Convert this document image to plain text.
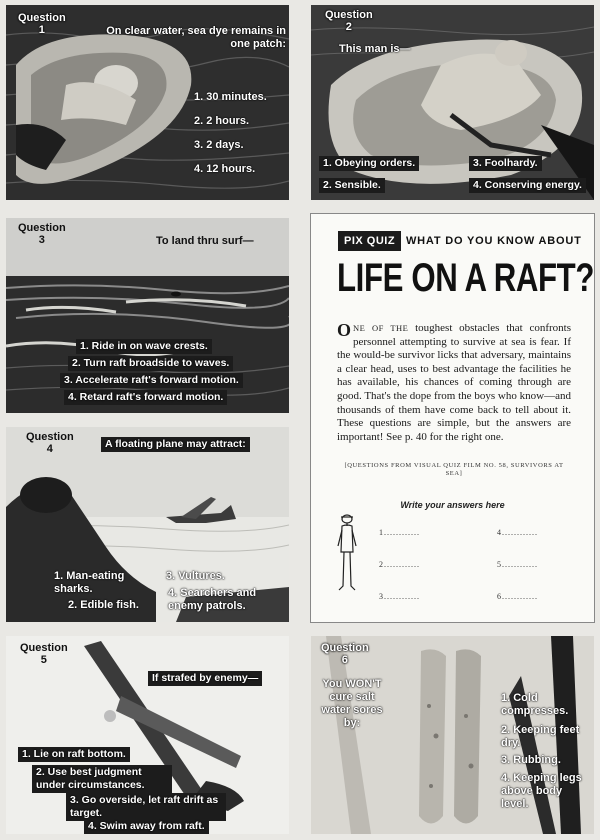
Question
1	On clear water, sea dye remains in one patch:
1. 30 minutes.
2. 2 hours.
3. 2 days.
4. 12 hours.
Question
2
This man is—
1. Obeying orders.
2. Sensible.
3. Foolhardy.
4. Conserving energy.
Question
3	To land thru surf—
1. Ride in on wave crests.
2. Turn raft broadside to waves.
3. Accelerate raft's forward motion.
4. Retard raft's forward motion.
Question
4	A floating plane may attract:
1. Man-eating sharks.
2. Edible fish.
3. Vultures.
4. Searchers and enemy patrols.
Question
5
If strafed by enemy—
1. Lie on raft bottom.
2. Use best judgment under circumstances.
3. Go overside, let raft drift as target.
4. Swim away from raft.
Question
6
You WON'T cure salt water sores by:
1. Cold compresses.
2. Keeping feet dry.
3. Rubbing.
4. Keeping legs above body level.
PIX QUIZ WHAT DO YOU KNOW ABOUT
LIFE ON A RAFT?
ONE OF THE toughest obstacles that confronts personnel attempting to survive at sea is fear. If the would-be survivor licks that adversary, maintains a clear head, uses to best advantage the facilities he has available, his chances of coming through are good. That's the dope from the boys who know—and thousands of them have come back to tell about it. These questions are simple, but the answers are important! See p. 40 for the right one.
[QUESTIONS FROM VISUAL QUIZ FILM NO. 58, SURVIVORS AT SEA]
Write your answers here
1............
2............
3............
4............
5............
6............
